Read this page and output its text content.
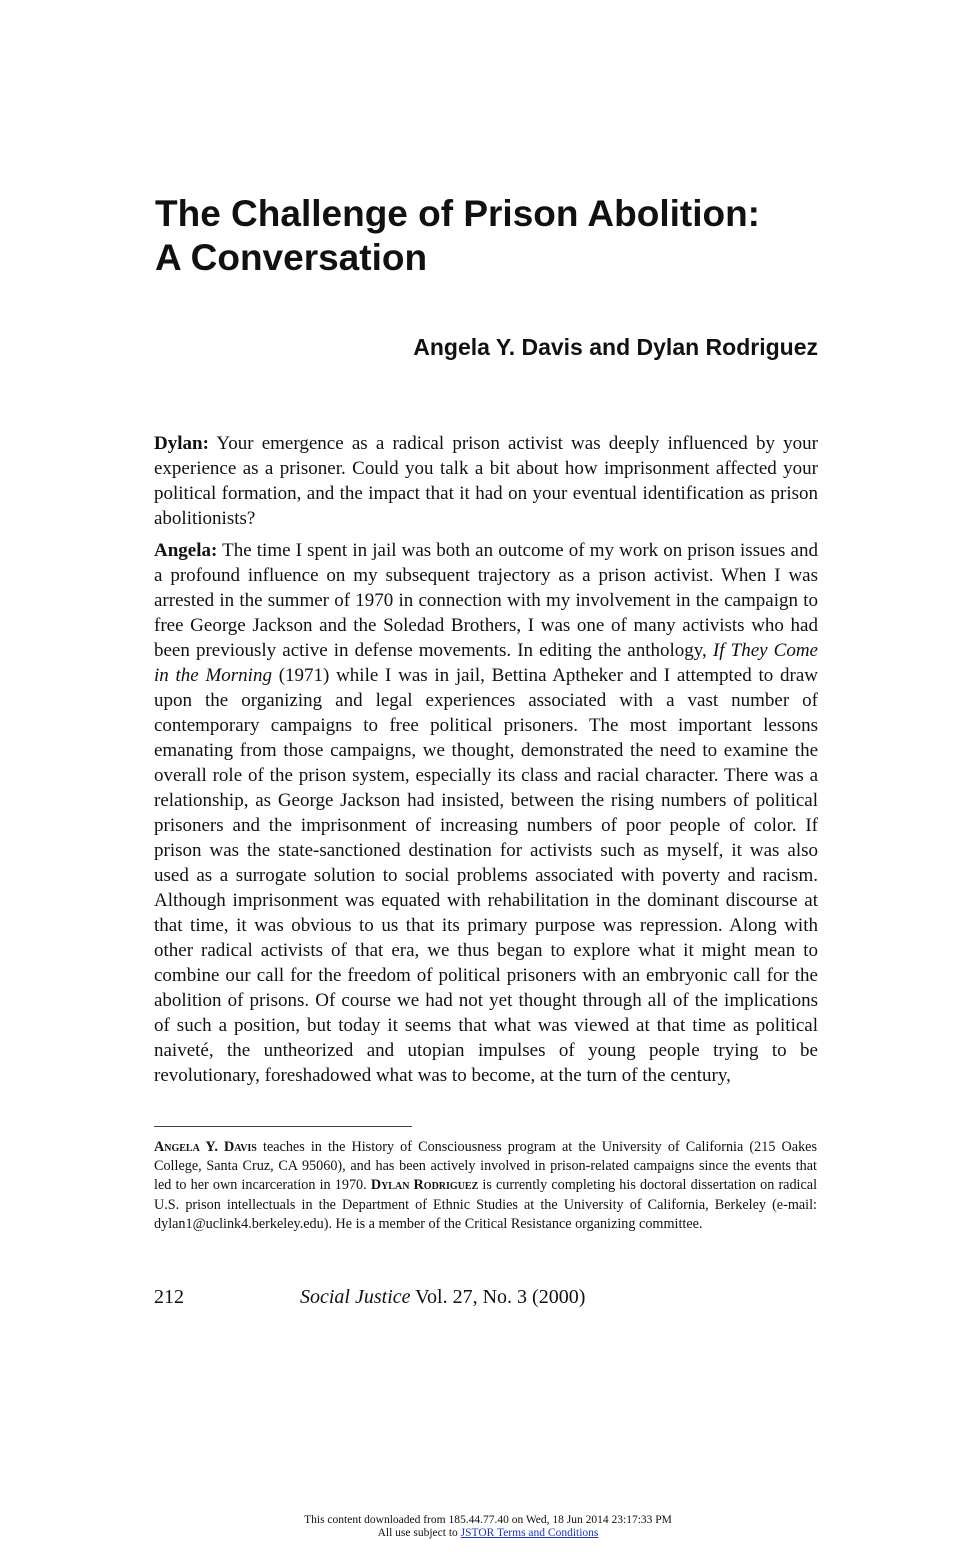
The Challenge of Prison Abolition:
A Conversation
Angela Y. Davis and Dylan Rodriguez

Dylan: Your emergence as a radical prison activist was deeply influenced by your experience as a prisoner. Could you talk a bit about how imprisonment affected your political formation, and the impact that it had on your eventual identification as prison abolitionists?

Angela: The time I spent in jail was both an outcome of my work on prison issues and a profound influence on my subsequent trajectory as a prison activist. When I was arrested in the summer of 1970 in connection with my involvement in the campaign to free George Jackson and the Soledad Brothers, I was one of many activists who had been previously active in defense movements. In editing the anthology, If They Come in the Morning (1971) while I was in jail, Bettina Aptheker and I attempted to draw upon the organizing and legal experiences associated with a vast number of contemporary campaigns to free political prisoners. The most important lessons emanating from those campaigns, we thought, demonstrated the need to examine the overall role of the prison system, especially its class and racial character. There was a relationship, as George Jackson had insisted, between the rising numbers of political prisoners and the imprisonment of increasing numbers of poor people of color. If prison was the state-sanctioned destination for activists such as myself, it was also used as a surrogate solution to social problems associated with poverty and racism. Although imprisonment was equated with rehabilitation in the dominant discourse at that time, it was obvious to us that its primary purpose was repression. Along with other radical activists of that era, we thus began to explore what it might mean to combine our call for the freedom of political prisoners with an embryonic call for the abolition of prisons. Of course we had not yet thought through all of the implications of such a position, but today it seems that what was viewed at that time as political naiveté, the untheorized and utopian impulses of young people trying to be revolutionary, foreshadowed what was to become, at the turn of the century,

Angela Y. Davis teaches in the History of Consciousness program at the University of California (215 Oakes College, Santa Cruz, CA 95060), and has been actively involved in prison-related campaigns since the events that led to her own incarceration in 1970. Dylan Rodriguez is currently completing his doctoral dissertation on radical U.S. prison intellectuals in the Department of Ethnic Studies at the University of California, Berkeley (e-mail: dylan1@uclink4.berkeley.edu). He is a member of the Critical Resistance organizing committee.

212	Social Justice Vol. 27, No. 3 (2000)
This content downloaded from 185.44.77.40 on Wed, 18 Jun 2014 23:17:33 PM
All use subject to JSTOR Terms and Conditions
